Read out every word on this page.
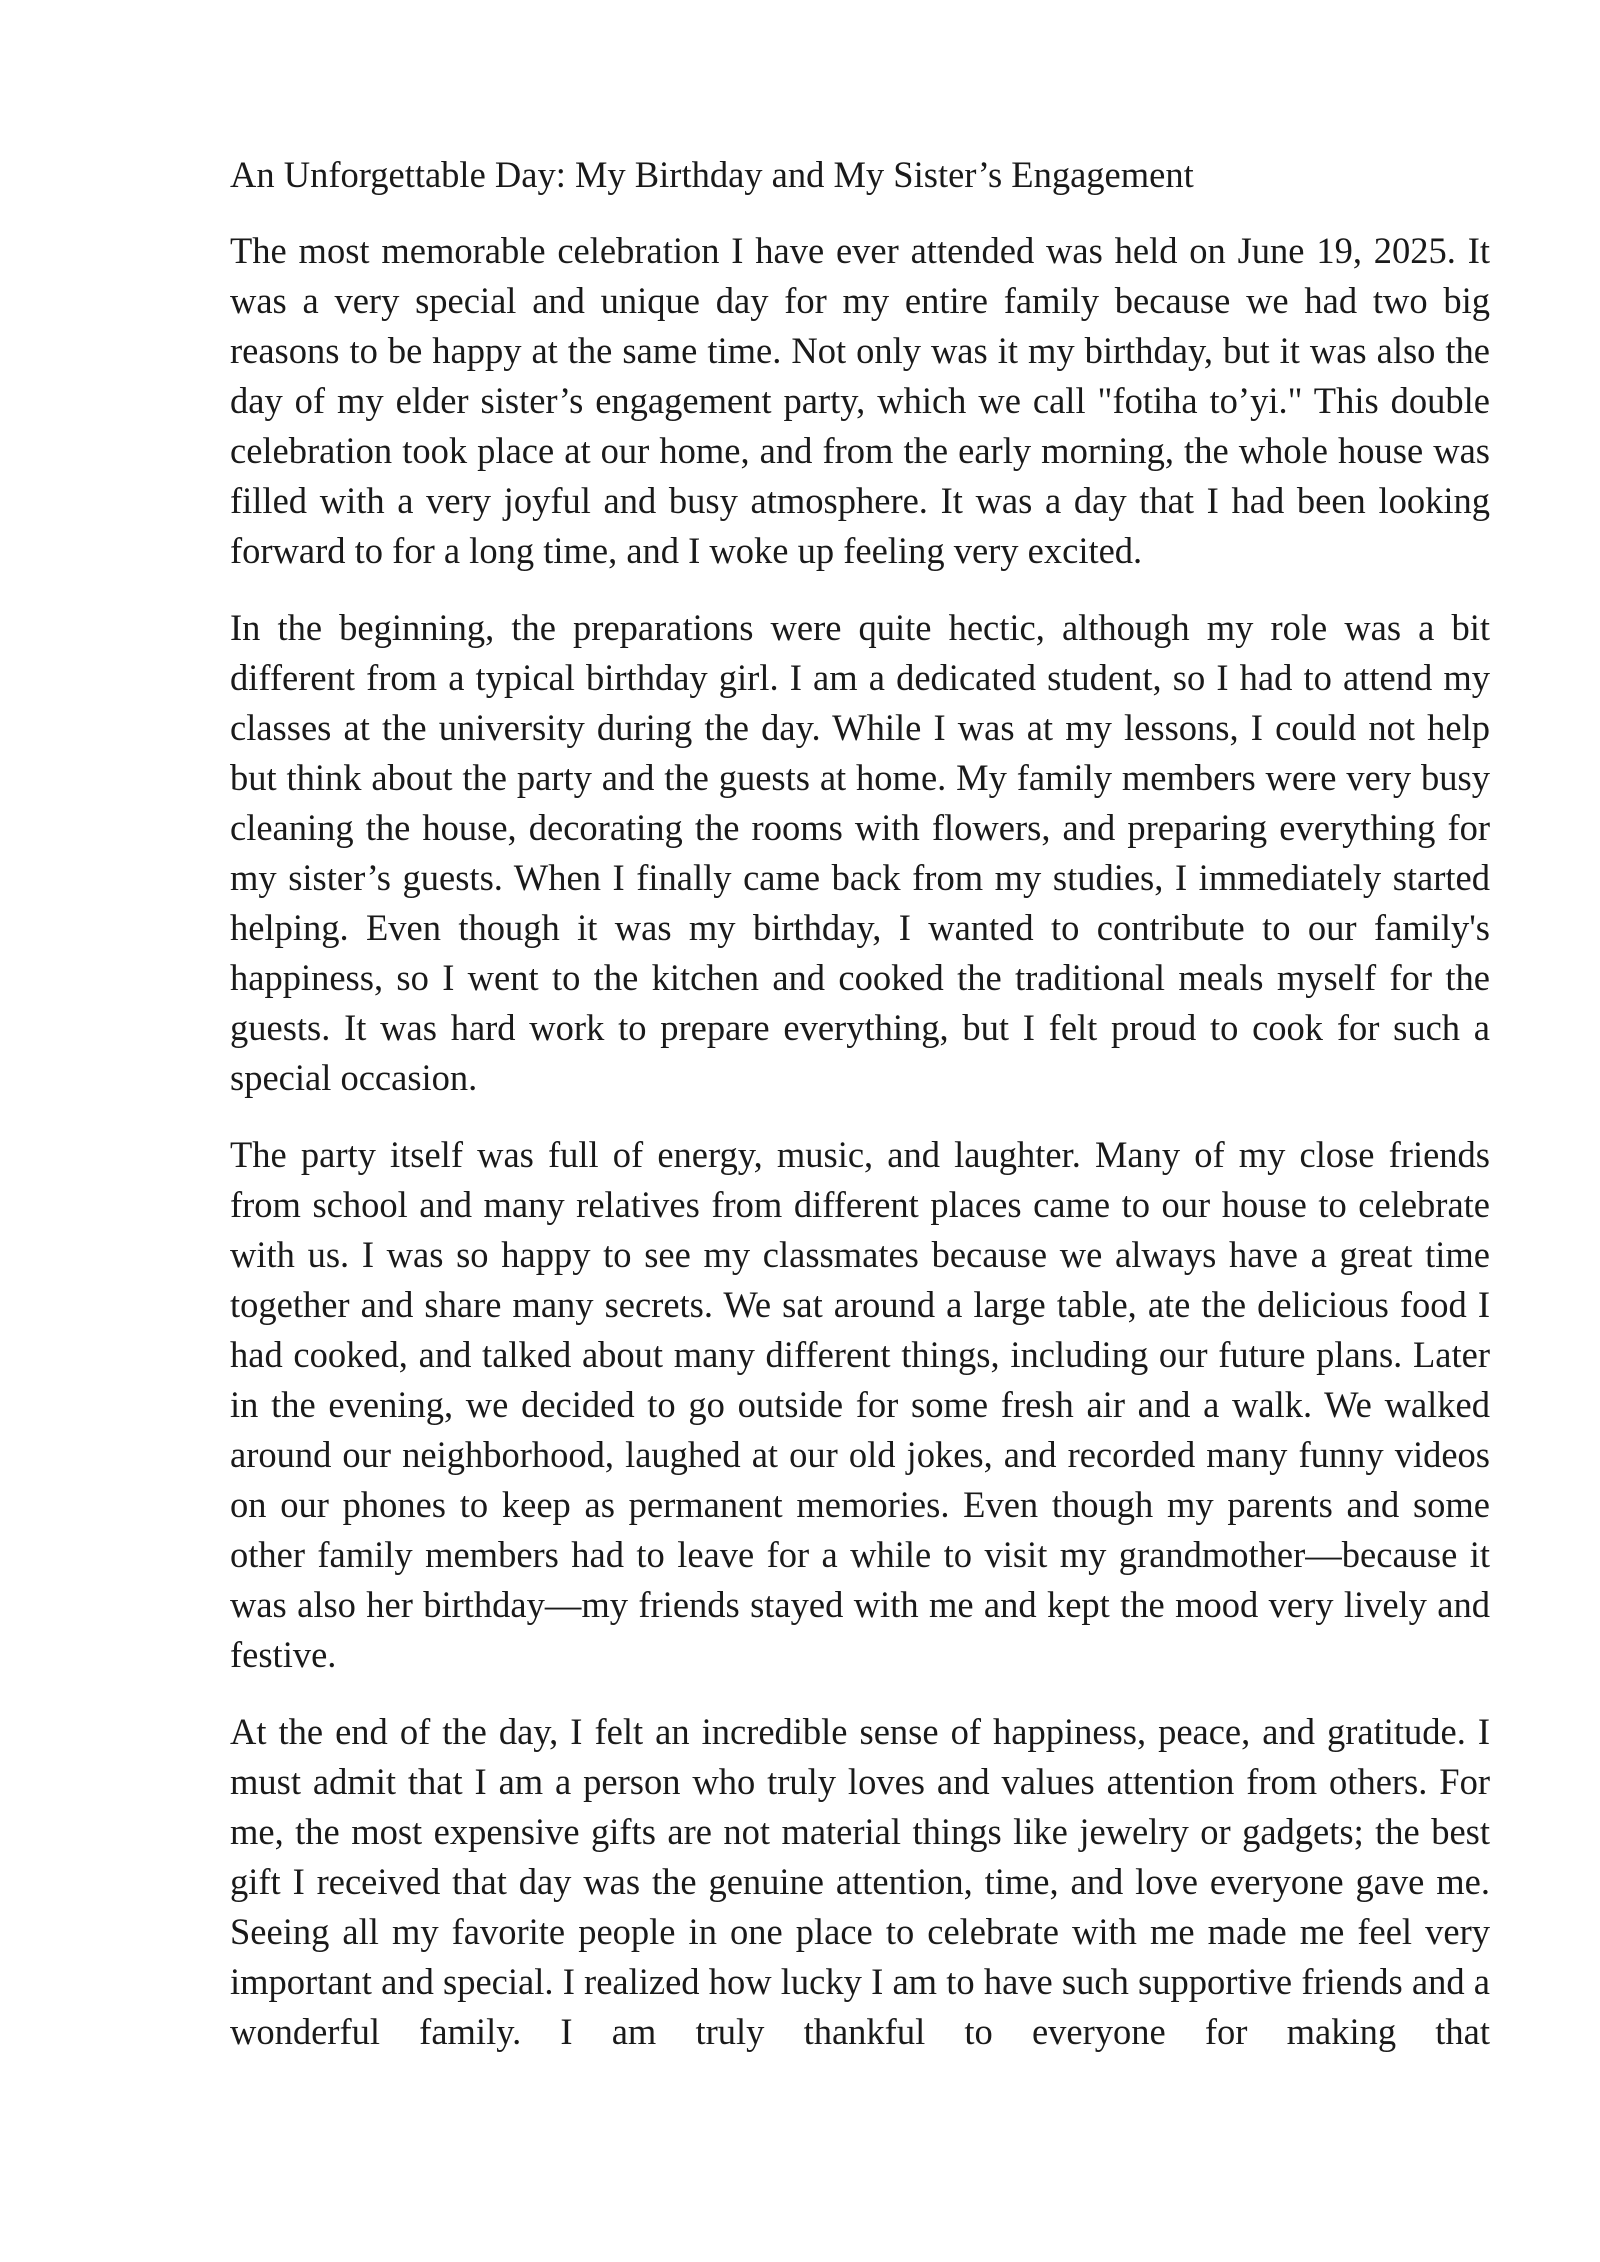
An Unforgettable Day: My Birthday and My Sister’s Engagement

The most memorable celebration I have ever attended was held on June 19, 2025. It was a very special and unique day for my entire family because we had two big reasons to be happy at the same time. Not only was it my birthday, but it was also the day of my elder sister’s engagement party, which we call "fotiha to’yi." This double celebration took place at our home, and from the early morning, the whole house was filled with a very joyful and busy atmosphere. It was a day that I had been looking forward to for a long time, and I woke up feeling very excited.

In the beginning, the preparations were quite hectic, although my role was a bit different from a typical birthday girl. I am a dedicated student, so I had to attend my classes at the university during the day. While I was at my lessons, I could not help but think about the party and the guests at home. My family members were very busy cleaning the house, decorating the rooms with flowers, and preparing everything for my sister’s guests. When I finally came back from my studies, I immediately started helping. Even though it was my birthday, I wanted to contribute to our family's happiness, so I went to the kitchen and cooked the traditional meals myself for the guests. It was hard work to prepare everything, but I felt proud to cook for such a special occasion.

The party itself was full of energy, music, and laughter. Many of my close friends from school and many relatives from different places came to our house to celebrate with us. I was so happy to see my classmates because we always have a great time together and share many secrets. We sat around a large table, ate the delicious food I had cooked, and talked about many different things, including our future plans. Later in the evening, we decided to go outside for some fresh air and a walk. We walked around our neighborhood, laughed at our old jokes, and recorded many funny videos on our phones to keep as permanent memories. Even though my parents and some other family members had to leave for a while to visit my grandmother—because it was also her birthday—my friends stayed with me and kept the mood very lively and festive.

At the end of the day, I felt an incredible sense of happiness, peace, and gratitude. I must admit that I am a person who truly loves and values attention from others. For me, the most expensive gifts are not material things like jewelry or gadgets; the best gift I received that day was the genuine attention, time, and love everyone gave me. Seeing all my favorite people in one place to celebrate with me made me feel very important and special. I realized how lucky I am to have such supportive friends and a wonderful family. I am truly thankful to everyone for making that
